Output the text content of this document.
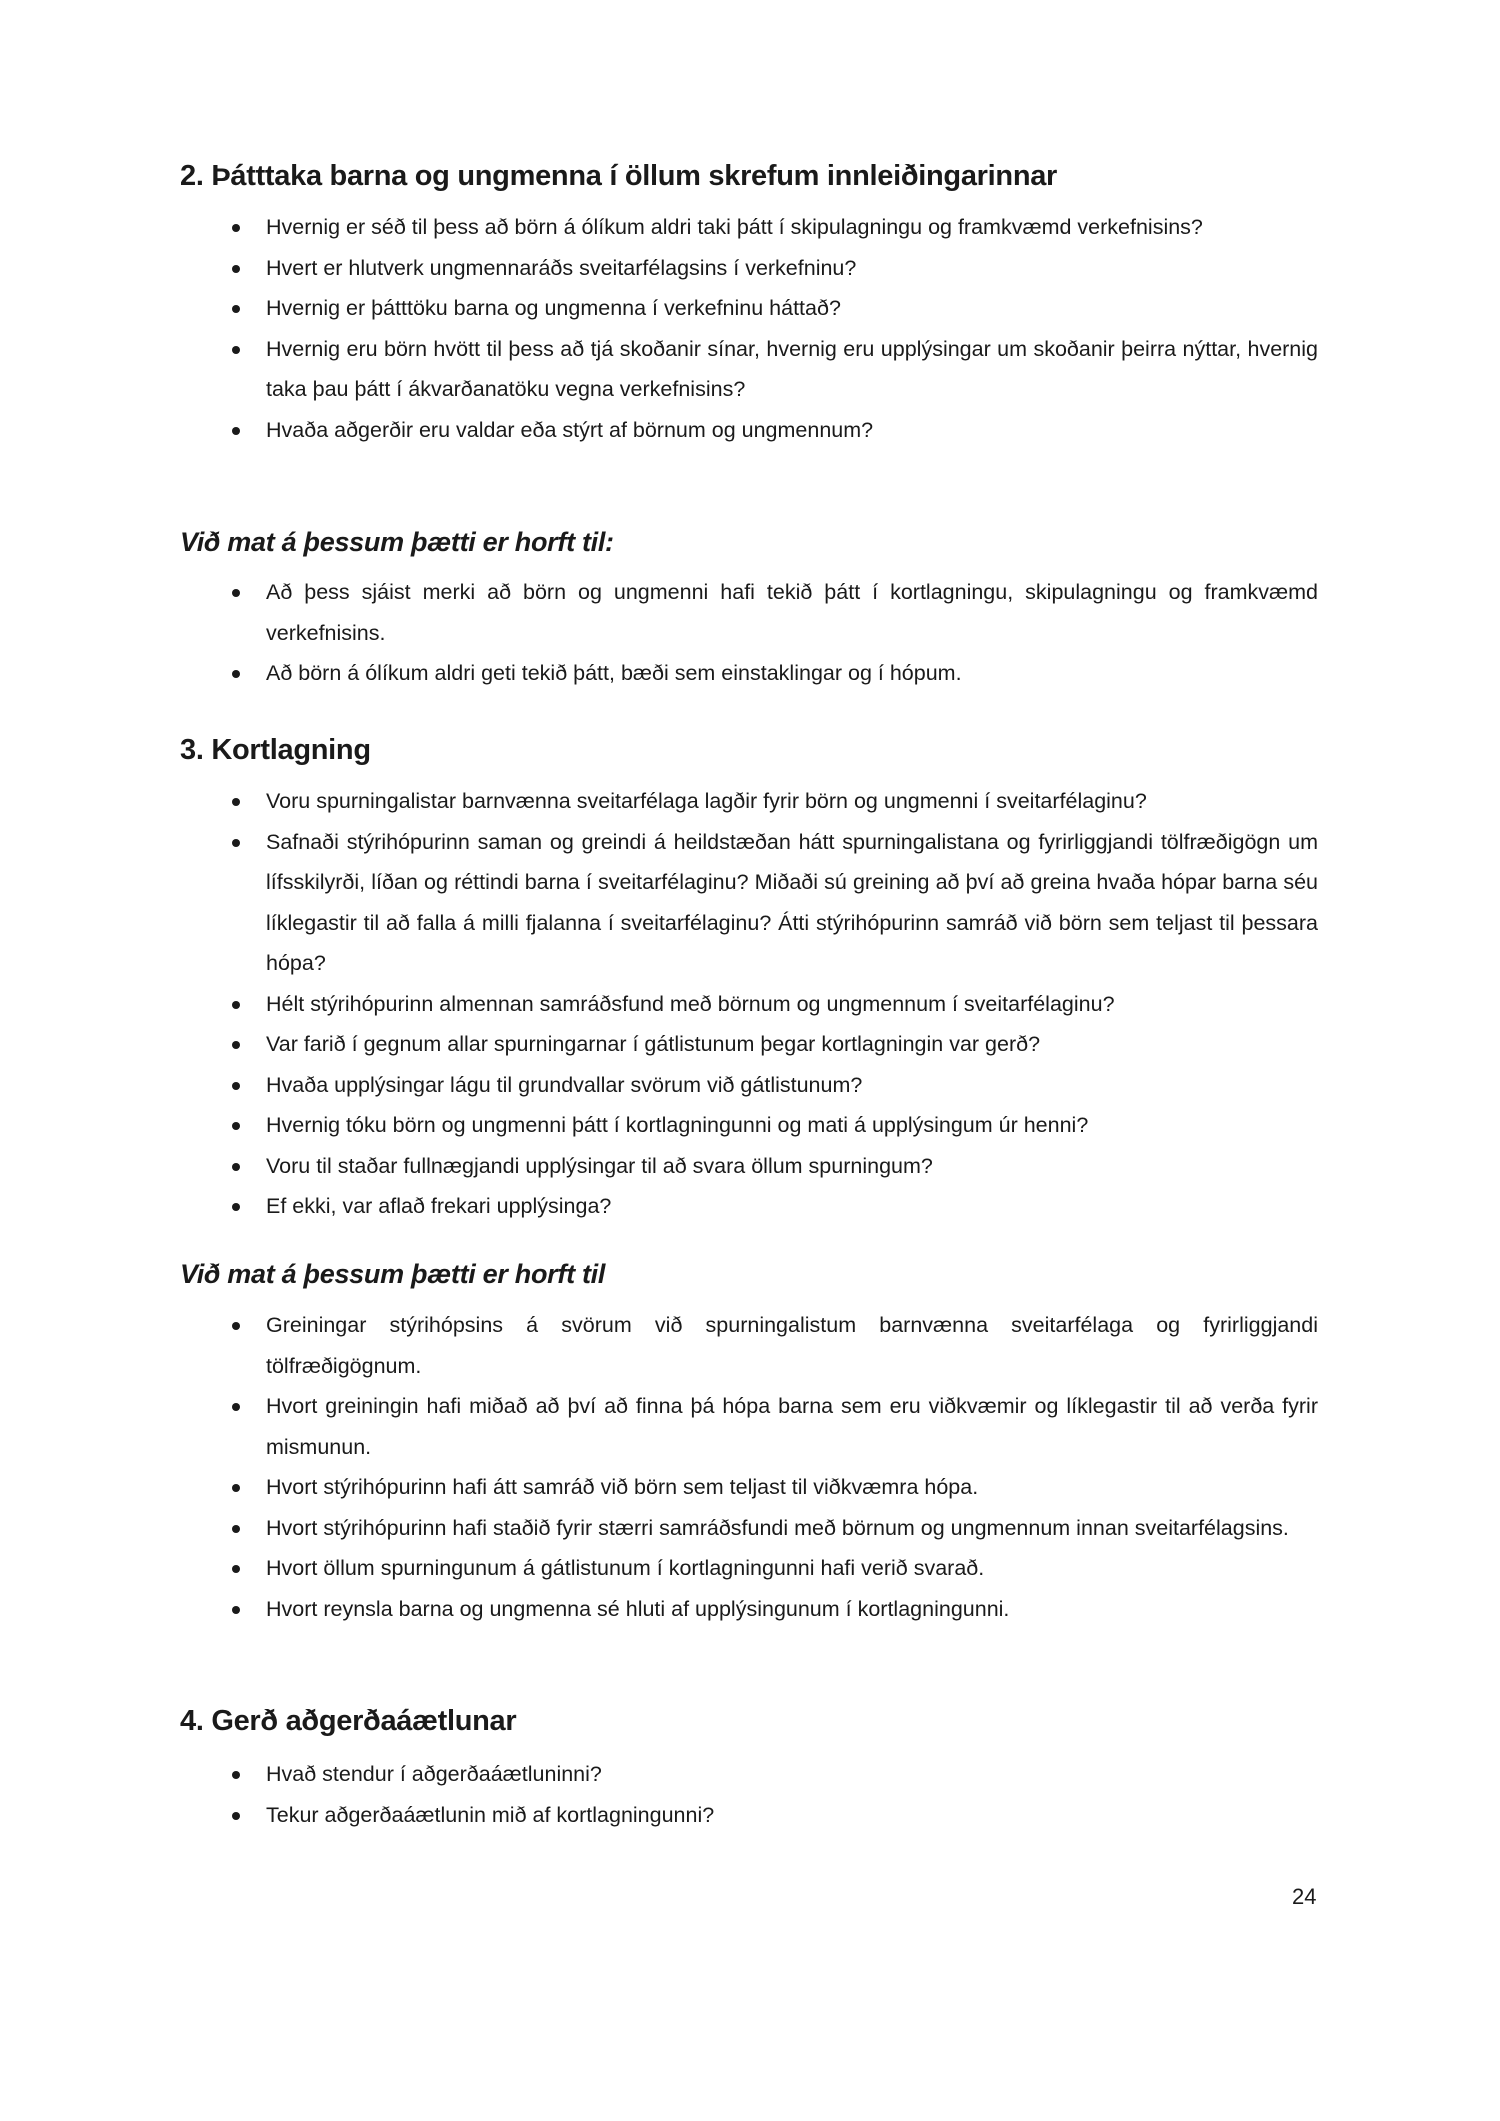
2. Þátttaka barna og ungmenna í öllum skrefum innleiðingarinnar
Hvernig er séð til þess að börn á ólíkum aldri taki þátt í skipulagningu og framkvæmd verkefnisins?
Hvert er hlutverk ungmennaráðs sveitarfélagsins í verkefninu?
Hvernig er þátttöku barna og ungmenna í verkefninu háttað?
Hvernig eru börn hvött til þess að tjá skoðanir sínar, hvernig eru upplýsingar um skoðanir þeirra nýttar, hvernig taka þau þátt í ákvarðanatöku vegna verkefnisins?
Hvaða aðgerðir eru valdar eða stýrt af börnum og ungmennum?
Við mat á þessum þætti er horft til:
Að þess sjáist merki að börn og ungmenni hafi tekið þátt í kortlagningu, skipulagningu og framkvæmd verkefnisins.
Að börn á ólíkum aldri geti tekið þátt, bæði sem einstaklingar og í hópum.
3. Kortlagning
Voru spurningalistar barnvænna sveitarfélaga lagðir fyrir börn og ungmenni í sveitarfélaginu?
Safnaði stýrihópurinn saman og greindi á heildstæðan hátt spurningalistana og fyrirliggjandi tölfræðigögn um lífsskilyrði, líðan og réttindi barna í sveitarfélaginu? Miðaði sú greining að því að greina hvaða hópar barna séu líklegastir til að falla á milli fjalanna í sveitarfélaginu? Átti stýrihópurinn samráð við börn sem teljast til þessara hópa?
Hélt stýrihópurinn almennan samráðsfund með börnum og ungmennum í sveitarfélaginu?
Var farið í gegnum allar spurningarnar í gátlistunum þegar kortlagningin var gerð?
Hvaða upplýsingar lágu til grundvallar svörum við gátlistunum?
Hvernig tóku börn og ungmenni þátt í kortlagningunni og mati á upplýsingum úr henni?
Voru til staðar fullnægjandi upplýsingar til að svara öllum spurningum?
Ef ekki, var aflað frekari upplýsinga?
Við mat á þessum þætti er horft til
Greiningar stýrihópsins á svörum við spurningalistum barnvænna sveitarfélaga og fyrirliggjandi tölfræðigögnum.
Hvort greiningin hafi miðað að því að finna þá hópa barna sem eru viðkvæmir og líklegastir til að verða fyrir mismunun.
Hvort stýrihópurinn hafi átt samráð við börn sem teljast til viðkvæmra hópa.
Hvort stýrihópurinn hafi staðið fyrir stærri samráðsfundi með börnum og ungmennum innan sveitarfélagsins.
Hvort öllum spurningunum á gátlistunum í kortlagningunni hafi verið svarað.
Hvort reynsla barna og ungmenna sé hluti af upplýsingunum í kortlagningunni.
4. Gerð aðgerðaáætlunar
Hvað stendur í aðgerðaáætluninni?
Tekur aðgerðaáætlunin mið af kortlagningunni?
24
